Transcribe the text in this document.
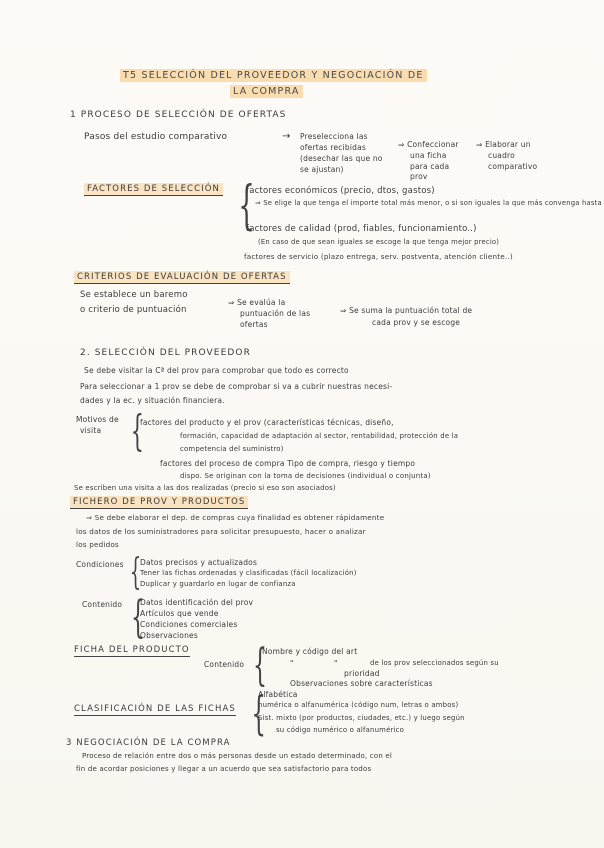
T5 SELECCIÓN DEL PROVEEDOR Y NEGOCIACIÓN DE
LA COMPRA
1 PROCESO DE SELECCIÓN DE OFERTAS
Pasos del estudio comparativo	→ Preselecciona las
ofertas recibidas
(desechar las que no
se ajustan)
⇒ Confeccionar
una ficha
para cada
prov
⇒ Elaborar un
cuadro
comparativo
FACTORES DE SELECCIÓN {
factores económicos (precio, dtos, gastos)
⇒ Se elige la que tenga el importe total más menor, o si son iguales la que más convenga hasta
factores de calidad (prod, fiables, funcionamiento..)
(En caso de que sean iguales se escoge la que tenga mejor precio)
factores de servicio (plazo entrega, serv. postventa, atención cliente..)
CRITERIOS DE EVALUACIÓN DE OFERTAS
Se establece un baremo
o criterio de puntuación
⇒ Se evalúa la
puntuación de las
ofertas
⇒ Se suma la puntuación total de
cada prov y se escoge
2. SELECCIÓN DEL PROVEEDOR
Se debe visitar la Cª del prov para comprobar que todo es correcto
Para seleccionar a 1 prov se debe de comprobar si va a cubrir nuestras necesi-
dades y la ec. y situación financiera.
Motivos de
visita {
factores del producto y el prov (características técnicas, diseño,
formación, capacidad de adaptación al sector, rentabilidad, protección de la
competencia del suministro)
factores del proceso de compra Tipo de compra, riesgo y tiempo
dispo. Se originan con la toma de decisiones (individual o conjunta)
Se escriben una visita a las dos realizadas (precio si eso son asociados)
FICHERO DE PROV Y PRODUCTOS
⇒ Se debe elaborar el dep. de compras cuya finalidad es obtener rápidamente
los datos de los suministradores para solicitar presupuesto, hacer o analizar
los pedidos
Condiciones {
Datos precisos y actualizados
Tener las fichas ordenadas y clasificadas (fácil localización)
Duplicar y guardarlo en lugar de confianza
Contenido {
Datos identificación del prov
Artículos que vende
Condiciones comerciales
Observaciones
FICHA DEL PRODUCTO
Contenido {
Nombre y código del art
"	"	de los prov seleccionados según su
prioridad
Observaciones sobre características
CLASIFICACIÓN DE LAS FICHAS {
Alfabética
numérica o alfanumérica (código num, letras o ambos)
Sist. mixto (por productos, ciudades, etc.) y luego según
su código numérico o alfanumérico
3 NEGOCIACIÓN DE LA COMPRA
Proceso de relación entre dos o más personas desde un estado determinado, con el
fin de acordar posiciones y llegar a un acuerdo que sea satisfactorio para todos
